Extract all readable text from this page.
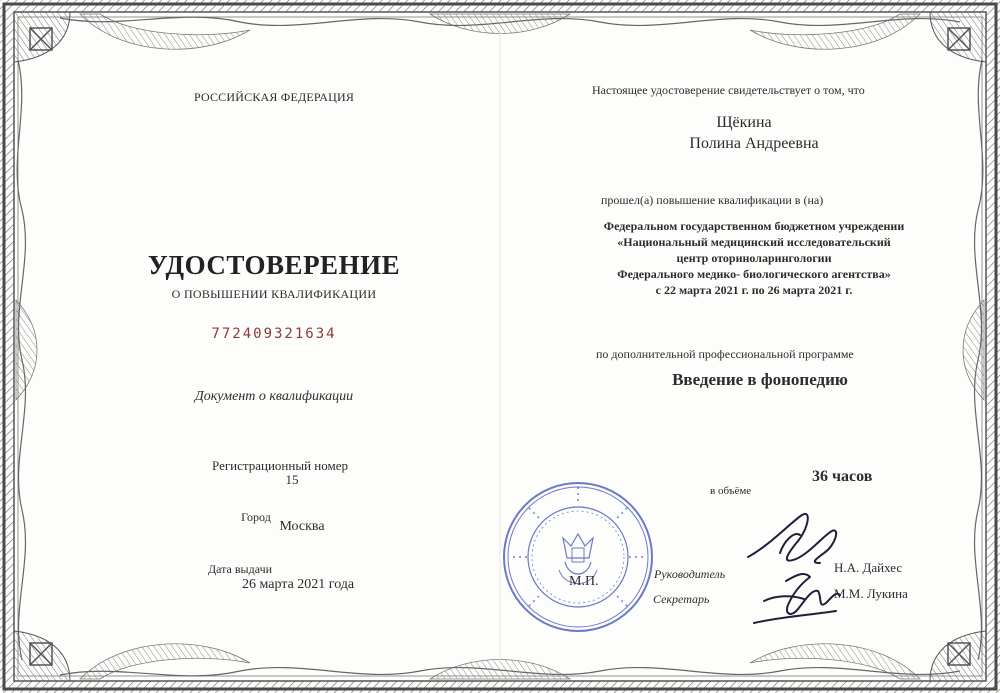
РОССИЙСКАЯ ФЕДЕРАЦИЯ
УДОСТОВЕРЕНИЕ
О ПОВЫШЕНИИ КВАЛИФИКАЦИИ
772409321634
Документ о квалификации
Регистрационный номер
15
Город
Москва
Дата выдачи
26 марта 2021 года
Настоящее удостоверение свидетельствует о том, что
Щёкина
Полина Андреевна
прошел(а) повышение квалификации в (на)
Федеральном государственном бюджетном учреждении
«Национальный медицинский исследовательский
центр оториноларингологии
Федерального медико- биологического агентства»
с 22 марта 2021 г. по 26 марта 2021 г.
по дополнительной профессиональной программе
Введение в фонопедию
в объёме
36 часов
М.П.	Руководитель
Секретарь
Н.А. Дайхес
М.М. Лукина
